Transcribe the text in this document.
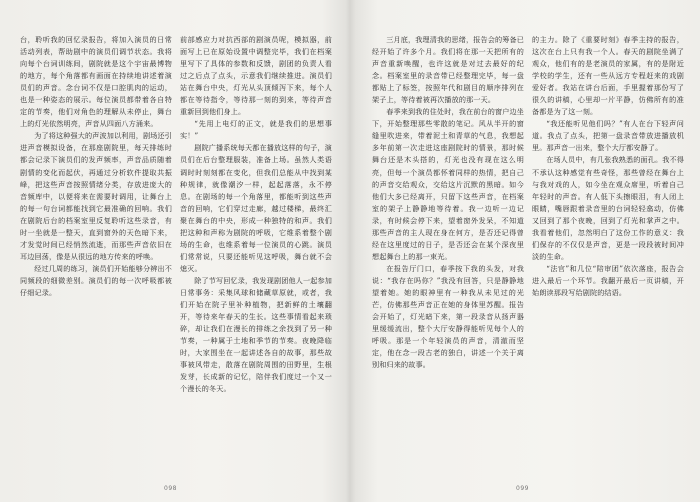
台，聆听我的回忆录报告，将加入演员的日常活动列表，帮助剧中的演员们调节状态。我将向每个台词训练间，剧院就是这个宇宙最博物的地方，每个角落都有画面在持续地讲述着演员们的声音。念台词不仅是口腔肌肉的运动，也是一种姿态的展示。每位演员都带着各自特定的节奏，他们对角色的理解从未停止，舞台上的灯光依然明亮，声音从四面八方涌来。

为了将这种强大的声波加以利用，剧场还引进声音模拟设备，在那座剧院里，每天排练时都会记录下演员们的发声频率，声音品质随着剧情的变化而起伏，再通过分析软件提取共振峰，把这些声音按照情绪分类，存放进庞大的音频库中，以便将来在需要时调用，让舞台上的每一句台词都能找到它最准确的回响。我们在剧院后台的档案室里反复聆听这些录音，有时一坐就是一整天，直到窗外的天色暗下来，才发觉时间已经悄然流逝，而那些声音依旧在耳边回荡，像是从很远的地方传来的呼唤。

经过几周的练习，演员们开始能够分辨出不同频段的细微差别。演员们的每一次呼吸都被仔细记录。

前部感应力对抗西部的剧演员呢，模拟器，前面写上已在原始设置中调整完毕，我们在档案里写下了具体的参数和反馈，剧团的负责人看过之后点了点头，示意我们继续推进。演员们站在舞台中央，灯光从头顶倾泻下来，每个人都在等待指令，等待那一刻的到来，等待声音重新回到他们身上。

“先用上电灯的正文，就是我们的思想事实！”

剧院广播系统每天都在播放这样的句子，演员们在后台整理服装，准备上场。虽然人类语调时时刻刻都在变化，但我们总能从中找到某种规律，就像潮汐一样，起起落落，永不停息。在剧场的每一个角落里，都能听到这些声音的回响，它们穿过走廊，越过楼梯，最终汇聚在舞台的中央，形成一种独特的和声。我们把这种和声称为剧院的呼吸，它维系着整个剧场的生命，也维系着每一位演员的心跳。演员们常常说，只要还能听见这呼吸，舞台就不会熄灭。

除了节写回忆录，我发现剧团他人一起参加日常事务：采集风球和储藏草原就，或者，我们开始在院子里补种植物，把新鲜的土壤翻开，等待来年春天的生长。这些事情看起来琐碎，却让我们在漫长的排练之余找到了另一种节奏，一种属于土地和季节的节奏。夜晚降临时，大家围坐在一起讲述各自的故事，那些故事被风带走，散落在剧院周围的田野里，生根发芽，长成新的记忆，陪伴我们度过一个又一个漫长的冬天。

098

三月底，我理清我的思绪，报告会的筹备已经开始了许多个月。我们将在那一天把所有的声音重新唤醒，也许这就是对过去最好的纪念。档案室里的录音带已经整理完毕，每一盘都贴上了标签，按照年代和剧目的顺序排列在架子上，等待着被再次播放的那一天。

春季来到我的住处时，我在前台的窗户边坐下，开始整理那些零散的笔记。风从半开的窗缝里吹进来，带着泥土和青草的气息，我想起多年前第一次走进这座剧院时的情景，那时候舞台还是木头搭的，灯光也没有现在这么明亮，但每一个演员都怀着同样的热情，把自己的声音交给观众，交给这片沉默的黑暗。如今他们大多已经离开，只留下这些声音，在档案室的架子上静静地等待着。我一边听一边记录，有时候会停下来，望着窗外发呆，不知道那些声音的主人现在身在何方，是否还记得曾经在这里度过的日子，是否还会在某个深夜里想起舞台上的那一束光。

在报告厅门口，春季按下我的头发，对我说：“我存在吗你？”我没有回答，只是静静地望着她。她的眼神里有一种我从未见过的光芒，仿佛那些声音正在她的身体里苏醒。报告会开始了，灯光暗下来，第一段录音从扬声器里缓缓流出，整个大厅安静得能听见每个人的呼吸。那是一个年轻演员的声音，清澈而坚定，他在念一段古老的独白，讲述一个关于离别和归来的故事。

的主力。除了《重要时刻》春季主持的报告，这次在台上只有我一个人。春天的剧院坐满了观众，他们有的是老演员的家属，有的是附近学校的学生，还有一些从远方专程赶来的戏剧爱好者。我站在讲台后面，手里握着那份写了很久的讲稿，心里却一片平静，仿佛所有的准备都是为了这一刻。

“我还能听见他们吗？”有人在台下轻声问道。我点了点头，把第一盘录音带放进播放机里。那声音一出来，整个大厅都安静了。

在场人员中，有几张我熟悉的面孔。我不得不承认这种感觉有些奇怪，那些曾经在舞台上与我对戏的人，如今坐在观众席里，听着自己年轻时的声音。有人低下头擦眼泪，有人闭上眼睛，嘴唇跟着录音里的台词轻轻翕动，仿佛又回到了那个夜晚，回到了灯光和掌声之中。我看着他们，忽然明白了这份工作的意义：我们保存的不仅仅是声音，更是一段段被时间冲淡的生命。

“法官”和几位“陪审团”依次落座，报告会进入最后一个环节。我翻开最后一页讲稿，开始朗读那段写给剧院的结语。

099
